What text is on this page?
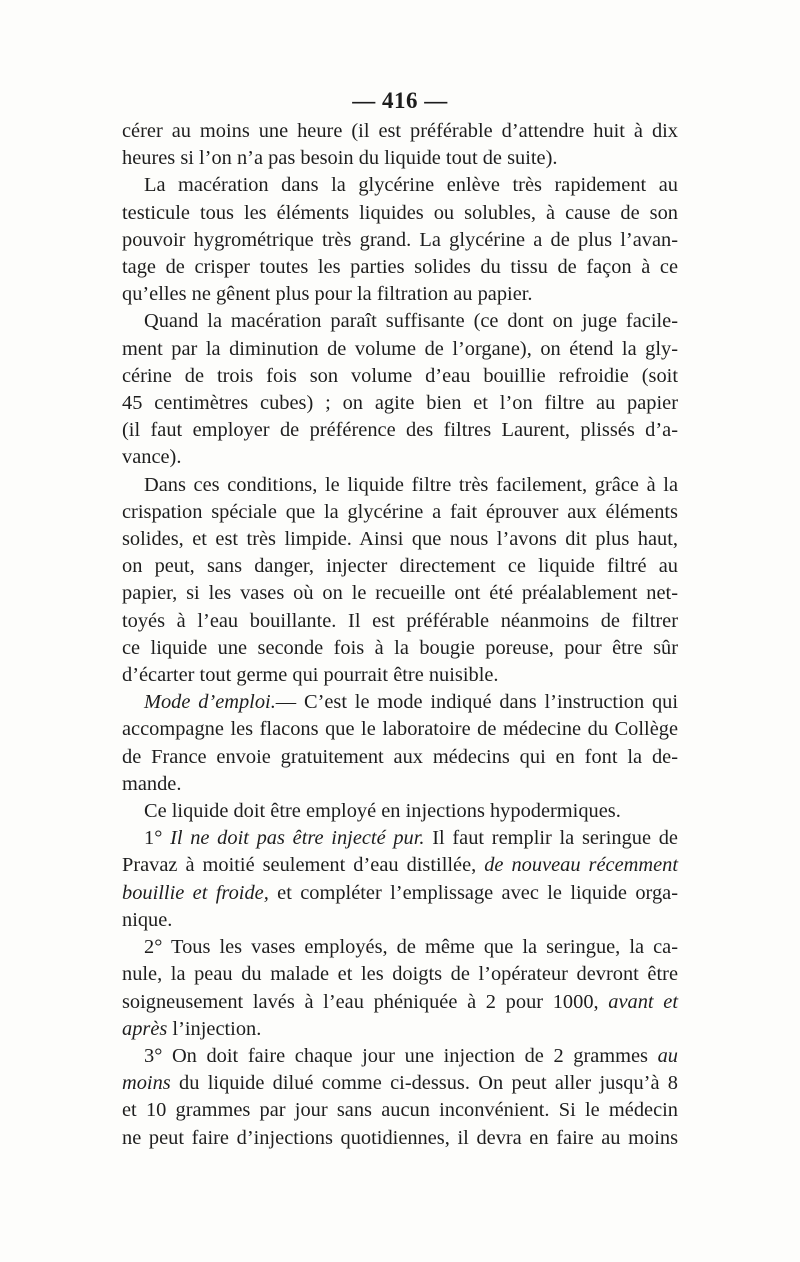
— 416 —
cérer au moins une heure (il est préférable d’attendre huit à dix
heures si l’on n’a pas besoin du liquide tout de suite).
La macération dans la glycérine enlève très rapidement au
testicule tous les éléments liquides ou solubles, à cause de son
pouvoir hygrométrique très grand. La glycérine a de plus l’avan-
tage de crisper toutes les parties solides du tissu de façon à ce
qu’elles ne gênent plus pour la filtration au papier.
Quand la macération paraît suffisante (ce dont on juge facile-
ment par la diminution de volume de l’organe), on étend la gly-
cérine de trois fois son volume d’eau bouillie refroidie (soit
45 centimètres cubes) ; on agite bien et l’on filtre au papier
(il faut employer de préférence des filtres Laurent, plissés d’a-
vance).
Dans ces conditions, le liquide filtre très facilement, grâce à la
crispation spéciale que la glycérine a fait éprouver aux éléments
solides, et est très limpide. Ainsi que nous l’avons dit plus haut,
on peut, sans danger, injecter directement ce liquide filtré au
papier, si les vases où on le recueille ont été préalablement net-
toyés à l’eau bouillante. Il est préférable néanmoins de filtrer
ce liquide une seconde fois à la bougie poreuse, pour être sûr
d’écarter tout germe qui pourrait être nuisible.
Mode d’emploi.— C’est le mode indiqué dans l’instruction qui
accompagne les flacons que le laboratoire de médecine du Collège
de France envoie gratuitement aux médecins qui en font la de-
mande.
Ce liquide doit être employé en injections hypodermiques.
1° Il ne doit pas être injecté pur. Il faut remplir la seringue de
Pravaz à moitié seulement d’eau distillée, de nouveau récemment
bouillie et froide, et compléter l’emplissage avec le liquide orga-
nique.
2° Tous les vases employés, de même que la seringue, la ca-
nule, la peau du malade et les doigts de l’opérateur devront être
soigneusement lavés à l’eau phéniquée à 2 pour 1000, avant et
après l’injection.
3° On doit faire chaque jour une injection de 2 grammes au
moins du liquide dilué comme ci-dessus. On peut aller jusqu’à 8
et 10 grammes par jour sans aucun inconvénient. Si le médecin
ne peut faire d’injections quotidiennes, il devra en faire au moins
